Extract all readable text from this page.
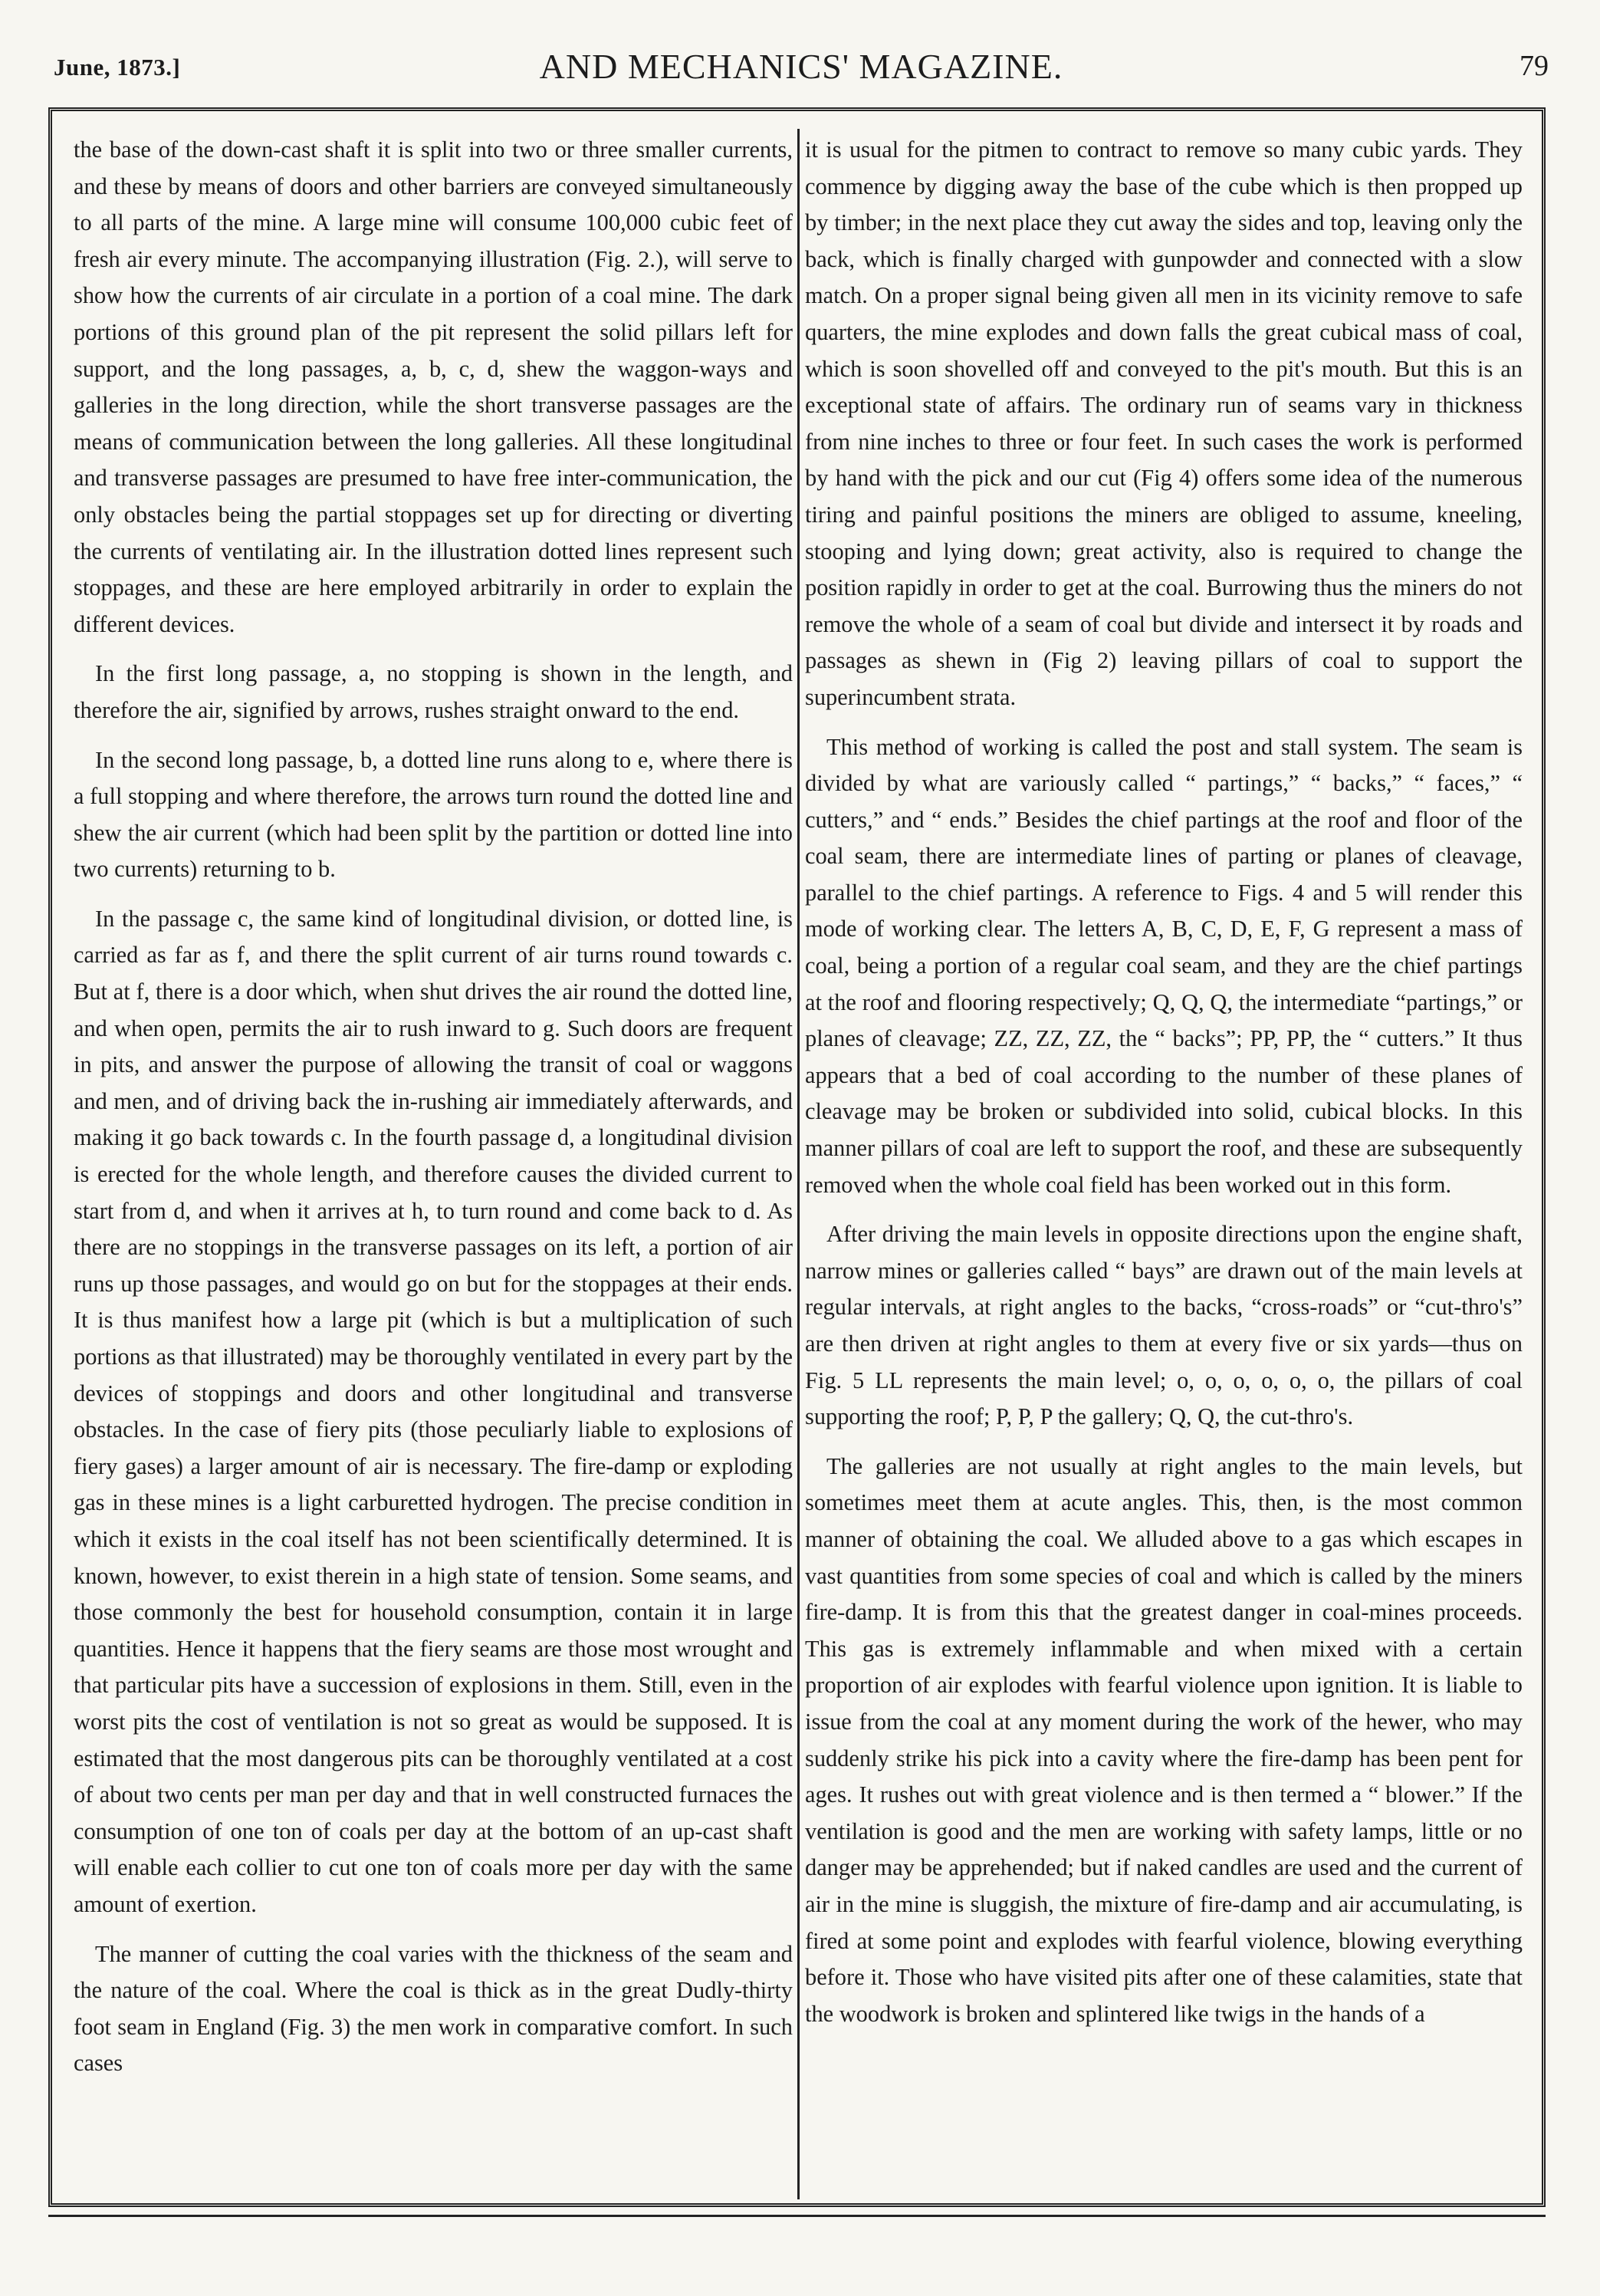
June, 1873.]	AND MECHANICS' MAGAZINE.	79

the base of the down-cast shaft it is split into two or three smaller currents, and these by means of doors and other barriers are conveyed simultaneously to all parts of the mine. A large mine will consume 100,000 cubic feet of fresh air every minute. The accompanying illustration (Fig. 2.), will serve to show how the currents of air circulate in a portion of a coal mine. The dark portions of this ground plan of the pit represent the solid pillars left for support, and the long passages, a, b, c, d, shew the waggon-ways and galleries in the long direction, while the short transverse passages are the means of communication between the long galleries. All these longitudinal and transverse passages are presumed to have free inter-communication, the only obstacles being the partial stoppages set up for directing or diverting the currents of ventilating air. In the illustration dotted lines represent such stoppages, and these are here employed arbitrarily in order to explain the different devices.

In the first long passage, a, no stopping is shown in the length, and therefore the air, signified by arrows, rushes straight onward to the end.

In the second long passage, b, a dotted line runs along to e, where there is a full stopping and where therefore, the arrows turn round the dotted line and shew the air current (which had been split by the partition or dotted line into two currents) returning to b.

In the passage c, the same kind of longitudinal division, or dotted line, is carried as far as f, and there the split current of air turns round towards c. But at f, there is a door which, when shut drives the air round the dotted line, and when open, permits the air to rush inward to g. Such doors are frequent in pits, and answer the purpose of allowing the transit of coal or waggons and men, and of driving back the in-rushing air immediately afterwards, and making it go back towards c. In the fourth passage d, a longitudinal division is erected for the whole length, and therefore causes the divided current to start from d, and when it arrives at h, to turn round and come back to d. As there are no stoppings in the transverse passages on its left, a portion of air runs up those passages, and would go on but for the stoppages at their ends. It is thus manifest how a large pit (which is but a multiplication of such portions as that illustrated) may be thoroughly ventilated in every part by the devices of stoppings and doors and other longitudinal and transverse obstacles. In the case of fiery pits (those peculiarly liable to explosions of fiery gases) a larger amount of air is necessary. The fire-damp or exploding gas in these mines is a light carburetted hydrogen. The precise condition in which it exists in the coal itself has not been scientifically determined. It is known, however, to exist therein in a high state of tension. Some seams, and those commonly the best for household consumption, contain it in large quantities. Hence it happens that the fiery seams are those most wrought and that particular pits have a succession of explosions in them. Still, even in the worst pits the cost of ventilation is not so great as would be supposed. It is estimated that the most dangerous pits can be thoroughly ventilated at a cost of about two cents per man per day and that in well constructed furnaces the consumption of one ton of coals per day at the bottom of an up-cast shaft will enable each collier to cut one ton of coals more per day with the same amount of exertion.

The manner of cutting the coal varies with the thickness of the seam and the nature of the coal. Where the coal is thick as in the great Dudly-thirty foot seam in England (Fig. 3) the men work in comparative comfort. In such cases

it is usual for the pitmen to contract to remove so many cubic yards. They commence by digging away the base of the cube which is then propped up by timber; in the next place they cut away the sides and top, leaving only the back, which is finally charged with gunpowder and connected with a slow match. On a proper signal being given all men in its vicinity remove to safe quarters, the mine explodes and down falls the great cubical mass of coal, which is soon shovelled off and conveyed to the pit's mouth. But this is an exceptional state of affairs. The ordinary run of seams vary in thickness from nine inches to three or four feet. In such cases the work is performed by hand with the pick and our cut (Fig 4) offers some idea of the numerous tiring and painful positions the miners are obliged to assume, kneeling, stooping and lying down; great activity, also is required to change the position rapidly in order to get at the coal. Burrowing thus the miners do not remove the whole of a seam of coal but divide and intersect it by roads and passages as shewn in (Fig 2) leaving pillars of coal to support the superincumbent strata.

This method of working is called the post and stall system. The seam is divided by what are variously called “ partings,” “ backs,” “ faces,” “ cutters,” and “ ends.” Besides the chief partings at the roof and floor of the coal seam, there are intermediate lines of parting or planes of cleavage, parallel to the chief partings. A reference to Figs. 4 and 5 will render this mode of working clear. The letters A, B, C, D, E, F, G represent a mass of coal, being a portion of a regular coal seam, and they are the chief partings at the roof and flooring respectively; Q, Q, Q, the intermediate “partings,” or planes of cleavage; ZZ, ZZ, ZZ, the “ backs”; PP, PP, the “ cutters.” It thus appears that a bed of coal according to the number of these planes of cleavage may be broken or subdivided into solid, cubical blocks. In this manner pillars of coal are left to support the roof, and these are subsequently removed when the whole coal field has been worked out in this form.

After driving the main levels in opposite directions upon the engine shaft, narrow mines or galleries called “ bays” are drawn out of the main levels at regular intervals, at right angles to the backs, “cross-roads” or “cut-thro's” are then driven at right angles to them at every five or six yards—thus on Fig. 5 LL represents the main level; o, o, o, o, o, o, the pillars of coal supporting the roof; P, P, P the gallery; Q, Q, the cut-thro's.

The galleries are not usually at right angles to the main levels, but sometimes meet them at acute angles. This, then, is the most common manner of obtaining the coal. We alluded above to a gas which escapes in vast quantities from some species of coal and which is called by the miners fire-damp. It is from this that the greatest danger in coal-mines proceeds. This gas is extremely inflammable and when mixed with a certain proportion of air explodes with fearful violence upon ignition. It is liable to issue from the coal at any moment during the work of the hewer, who may suddenly strike his pick into a cavity where the fire-damp has been pent for ages. It rushes out with great violence and is then termed a “ blower.” If the ventilation is good and the men are working with safety lamps, little or no danger may be apprehended; but if naked candles are used and the current of air in the mine is sluggish, the mixture of fire-damp and air accumulating, is fired at some point and explodes with fearful violence, blowing everything before it. Those who have visited pits after one of these calamities, state that the woodwork is broken and splintered like twigs in the hands of a
